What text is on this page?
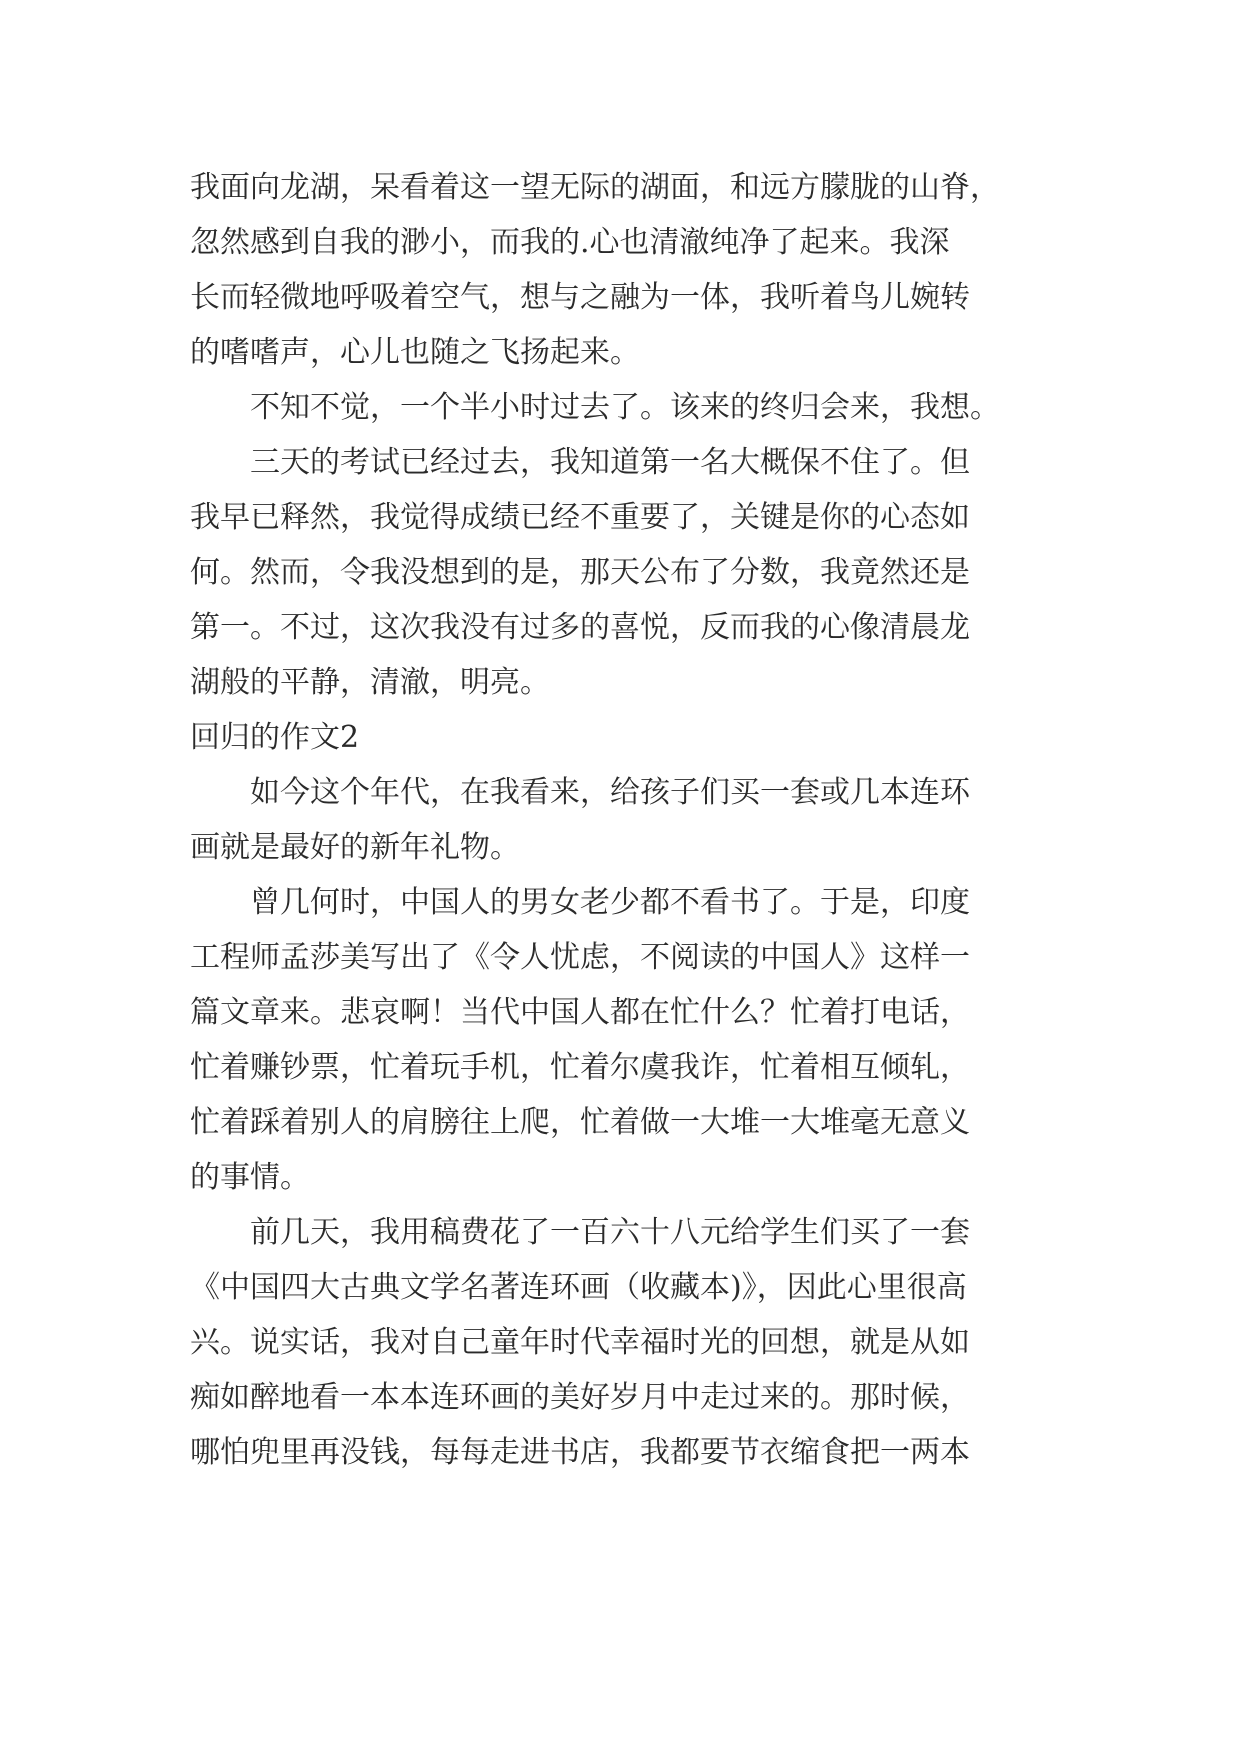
我面向龙湖，呆看着这一望无际的湖面，和远方朦胧的山脊，
忽然感到自我的渺小，而我的.心也清澈纯净了起来。我深
长而轻微地呼吸着空气，想与之融为一体，我听着鸟儿婉转
的嗜嗜声，心儿也随之飞扬起来。
不知不觉，一个半小时过去了。该来的终归会来，我想。
三天的考试已经过去，我知道第一名大概保不住了。但
我早已释然，我觉得成绩已经不重要了，关键是你的心态如
何。然而，令我没想到的是，那天公布了分数，我竟然还是
第一。不过，这次我没有过多的喜悦，反而我的心像清晨龙
湖般的平静，清澈，明亮。
回归的作文2
如今这个年代，在我看来，给孩子们买一套或几本连环
画就是最好的新年礼物。
曾几何时，中国人的男女老少都不看书了。于是，印度
工程师孟莎美写出了《令人忧虑，不阅读的中国人》这样一
篇文章来。悲哀啊！当代中国人都在忙什么？忙着打电话，
忙着赚钞票，忙着玩手机，忙着尔虞我诈，忙着相互倾轧，
忙着踩着别人的肩膀往上爬，忙着做一大堆一大堆毫无意义
的事情。
前几天，我用稿费花了一百六十八元给学生们买了一套
《中国四大古典文学名著连环画（收藏本)》，因此心里很高
兴。说实话，我对自己童年时代幸福时光的回想，就是从如
痴如醉地看一本本连环画的美好岁月中走过来的。那时候，
哪怕兜里再没钱，每每走进书店，我都要节衣缩食把一两本
